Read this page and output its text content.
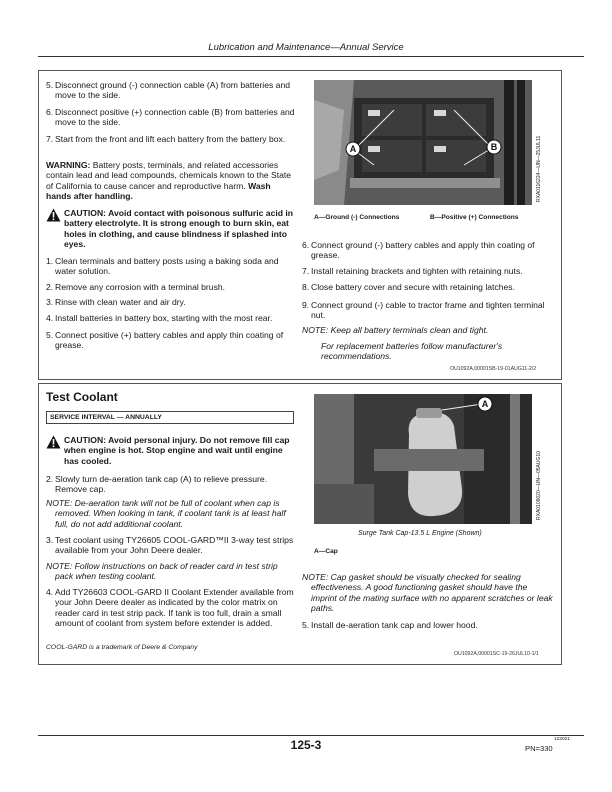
Lubrication and Maintenance—Annual Service
5. Disconnect ground (-) connection cable (A) from batteries and move to the side.
6. Disconnect positive (+) connection cable (B) from batteries and move to the side.
7. Start from the front and lift each battery from the battery box.
WARNING: Battery posts, terminals, and related accessories contain lead and lead compounds, chemicals known to the State of California to cause cancer and reproductive harm. Wash hands after handling.
CAUTION: Avoid contact with poisonous sulfuric acid in battery electrolyte. It is strong enough to burn skin, eat holes in clothing, and cause blindness if splashed into eyes.
1. Clean terminals and battery posts using a baking soda and water solution.
2. Remove any corrosion with a terminal brush.
3. Rinse with clean water and air dry.
4. Install batteries in battery box, starting with the most rear.
5. Connect positive (+) battery cables and apply thin coating of grease.
A	B	RXA0116224—UN—25JUL11
A—Ground (-) Connections	B—Positive (+) Connections
6. Connect ground (-) battery cables and apply thin coating of grease.
7. Install retaining brackets and tighten with retaining nuts.
8. Close battery cover and secure with retaining latches.
9. Connect ground (-) cable to tractor frame and tighten terminal nut.
NOTE: Keep all battery terminals clean and tight.
For replacement batteries follow manufacturer's recommendations.
OU1092A,00001SB-19-01AUG11-2/2
Test Coolant
SERVICE INTERVAL — ANNUALLY
CAUTION: Avoid personal injury. Do not remove fill cap when engine is hot. Stop engine and wait until engine has cooled.
2. Slowly turn de-aeration tank cap (A) to relieve pressure. Remove cap.
NOTE: De-aeration tank will not be full of coolant when cap is removed. When looking in tank, if coolant tank is at least half full, do not add additional coolant.
3. Test coolant using TY26605 COOL-GARD™II 3-way test strips available from your John Deere dealer.
NOTE: Follow instructions on back of reader card in test strip pack when testing coolant.
4. Add TY26603 COOL-GARD II Coolant Extender available from your John Deere dealer as indicated by the color matrix on reader card in test strip pack. If tank is too full, drain a small amount of coolant from system before extender is added.
COOL-GARD is a trademark of Deere & Company
A
RXA0109620—UN—05AUG10
Surge Tank Cap-13.5 L Engine (Shown)
A—Cap
NOTE: Cap gasket should be visually checked for sealing effectiveness. A good functioning gasket should have the imprint of the mating surface with no apparent scratches or leak paths.
5. Install de-aeration tank cap and lower hood.
OU1092A,00001SC-19-26JUL10-1/1
125-3	122021
PN=330
